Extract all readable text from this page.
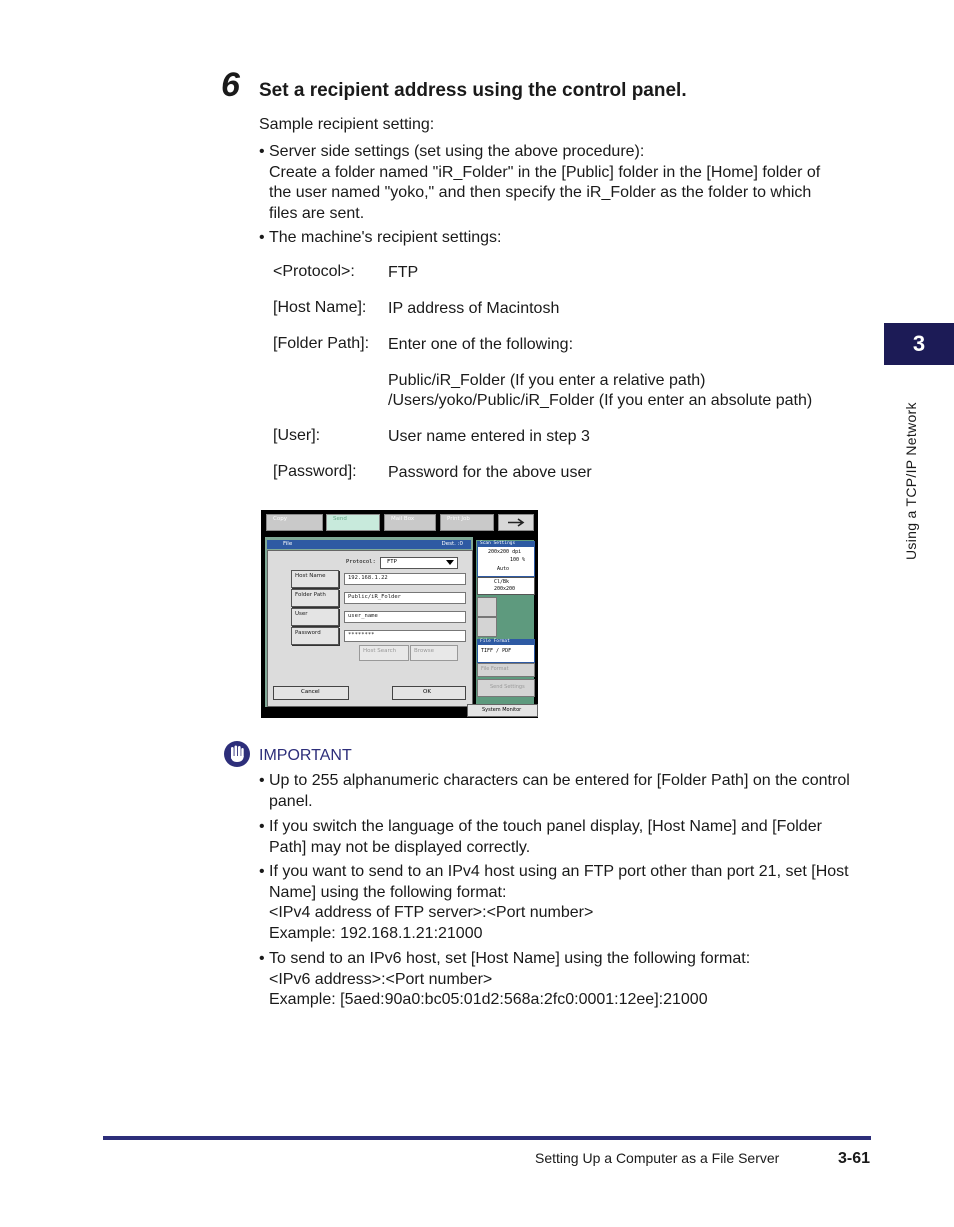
6 Set a recipient address using the control panel.
Sample recipient setting:
• Server side settings (set using the above procedure):
Create a folder named "iR_Folder" in the [Public] folder in the [Home] folder of
the user named "yoko," and then specify the iR_Folder as the folder to which
files are sent.
• The machine's recipient settings:
<Protocol>: FTP
[Host Name]: IP address of Macintosh
[Folder Path]: Enter one of the following:
Public/iR_Folder (If you enter a relative path)
/Users/yoko/Public/iR_Folder (If you enter an absolute path)
[User]:	User name entered in step 3
[Password]: Password for the above user
Copy	Send	Mail Box	Print Job
File	Dest. :0
Protocol: FTP
Host Name	192.168.1.22
Folder Path	Public/iR_Folder
User	user_name
Password	********
Host Search	Browse
Cancel	OK
Scan Settings
200x200 dpi
100 %
Auto
Cl/Bk
200x200
File Format
TIFF / PDF
File Format
Send Settings
System Monitor
IMPORTANT
• Up to 255 alphanumeric characters can be entered for [Folder Path] on the control
panel.
• If you switch the language of the touch panel display, [Host Name] and [Folder
Path] may not be displayed correctly.
• If you want to send to an IPv4 host using an FTP port other than port 21, set [Host
Name] using the following format:
<IPv4 address of FTP server>:<Port number>
Example: 192.168.1.21:21000
• To send to an IPv6 host, set [Host Name] using the following format:
<IPv6 address>:<Port number>
Example: [5aed:90a0:bc05:01d2:568a:2fc0:0001:12ee]:21000
3
Using a TCP/IP Network
Setting Up a Computer as a File Server	3-61
